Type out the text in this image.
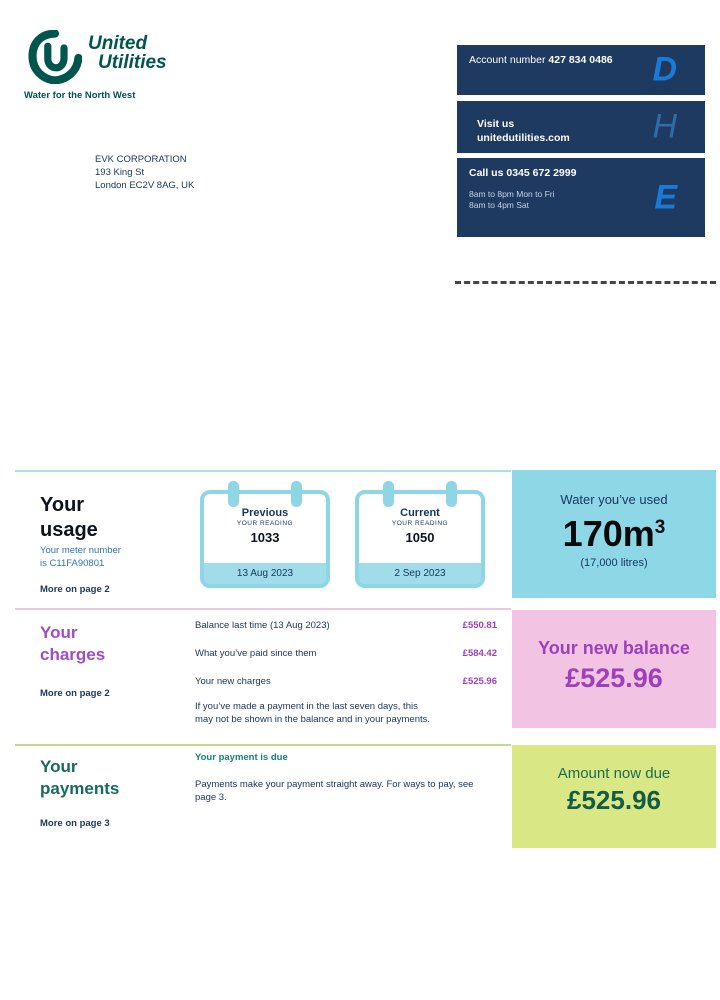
United
Utilities
Water for the North West
EVK CORPORATION
193 King St
London EC2V 8AG, UK
Account number 427 834 0486	D
Visit us
unitedutilities.com	H
Call us 0345 672 2999
8am to 8pm Mon to Fri
8am to 4pm Sat	E
Your
usage
Your meter number
is C11FA90801
More on page 2
Previous
YOUR READING
1033
13 Aug 2023
Current
YOUR READING
1050
2 Sep 2023
Water you’ve used
$170m^3$
(17,000 litres)
Your
charges
More on page 2
Balance last time (13 Aug 2023)	£550.81
What you’ve paid since them	£584.42
Your new charges	£525.96
If you’ve made a payment in the last seven days, this
may not be shown in the balance and in your payments.
Your new balance
£525.96
Your
payments
More on page 3
Your payment is due
Payments make your payment straight away. For ways to pay, see page 3.
Amount now due
£525.96
